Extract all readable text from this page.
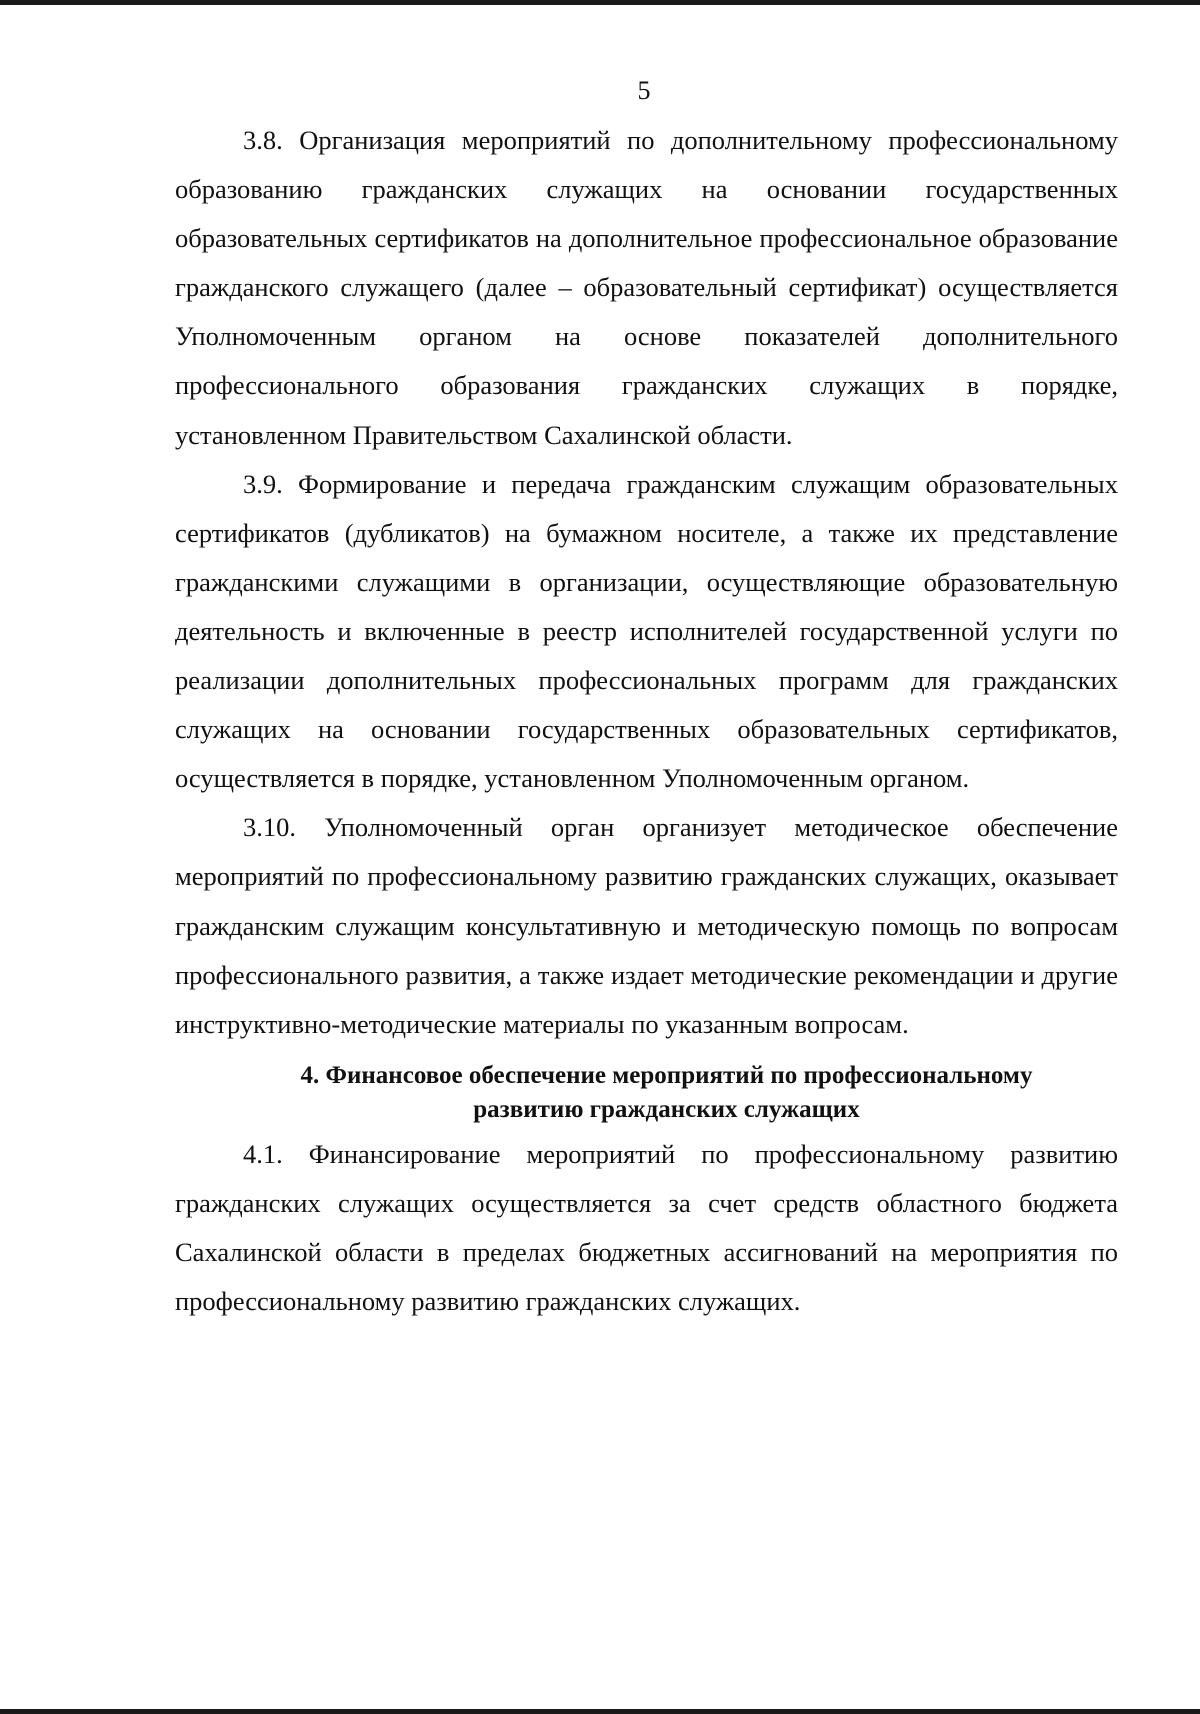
5

3.8. Организация мероприятий по дополнительному профессиональному образованию гражданских служащих на основании государственных образовательных сертификатов на дополнительное профессиональное образование гражданского служащего (далее – образовательный сертификат) осуществляется Уполномоченным органом на основе показателей дополнительного профессионального образования гражданских служащих в порядке, установленном Правительством Сахалинской области.

3.9. Формирование и передача гражданским служащим образовательных сертификатов (дубликатов) на бумажном носителе, а также их представление гражданскими служащими в организации, осуществляющие образовательную деятельность и включенные в реестр исполнителей государственной услуги по реализации дополнительных профессиональных программ для гражданских служащих на основании государственных образовательных сертификатов, осуществляется в порядке, установленном Уполномоченным органом.

3.10. Уполномоченный орган организует методическое обеспечение мероприятий по профессиональному развитию гражданских служащих, оказывает гражданским служащим консультативную и методическую помощь по вопросам профессионального развития, а также издает методические рекомендации и другие инструктивно-методические материалы по указанным вопросам.

4. Финансовое обеспечение мероприятий по профессиональному
развитию гражданских служащих

4.1. Финансирование мероприятий по профессиональному развитию гражданских служащих осуществляется за счет средств областного бюджета Сахалинской области в пределах бюджетных ассигнований на мероприятия по профессиональному развитию гражданских служащих.
